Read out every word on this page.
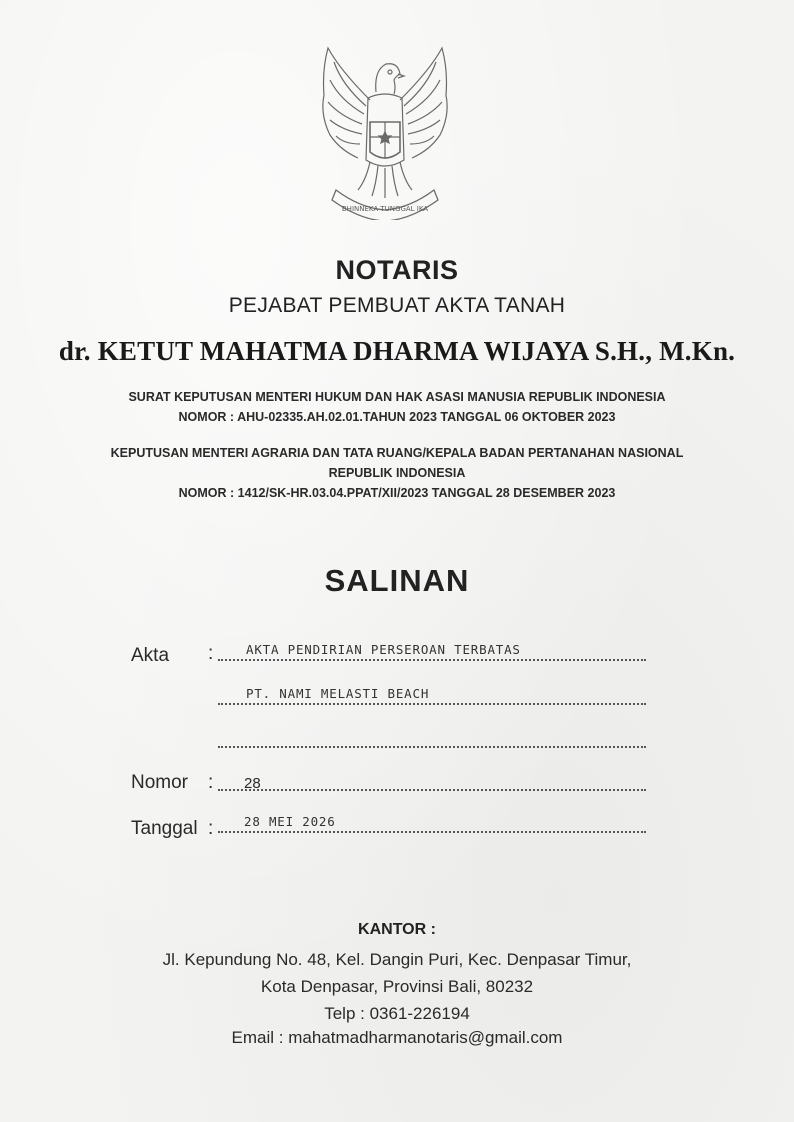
BHINNEKA TUNGGAL IKA
NOTARIS
PEJABAT PEMBUAT AKTA TANAH
dr. KETUT MAHATMA DHARMA WIJAYA S.H., M.Kn.
SURAT KEPUTUSAN MENTERI HUKUM DAN HAK ASASI MANUSIA REPUBLIK INDONESIA
NOMOR : AHU-02335.AH.02.01.TAHUN 2023 TANGGAL 06 OKTOBER 2023
KEPUTUSAN MENTERI AGRARIA DAN TATA RUANG/KEPALA BADAN PERTANAHAN NASIONAL
REPUBLIK INDONESIA
NOMOR : 1412/SK-HR.03.04.PPAT/XII/2023 TANGGAL 28 DESEMBER 2023
SALINAN
Akta :	AKTA PENDIRIAN PERSEROAN TERBATAS
PT. NAMI MELASTI BEACH
Nomor : 28
Tanggal : 28 MEI 2026
KANTOR :
Jl. Kepundung No. 48, Kel. Dangin Puri, Kec. Denpasar Timur,
Kota Denpasar, Provinsi Bali, 80232
Telp : 0361-226194
Email : mahatmadharmanotaris@gmail.com
